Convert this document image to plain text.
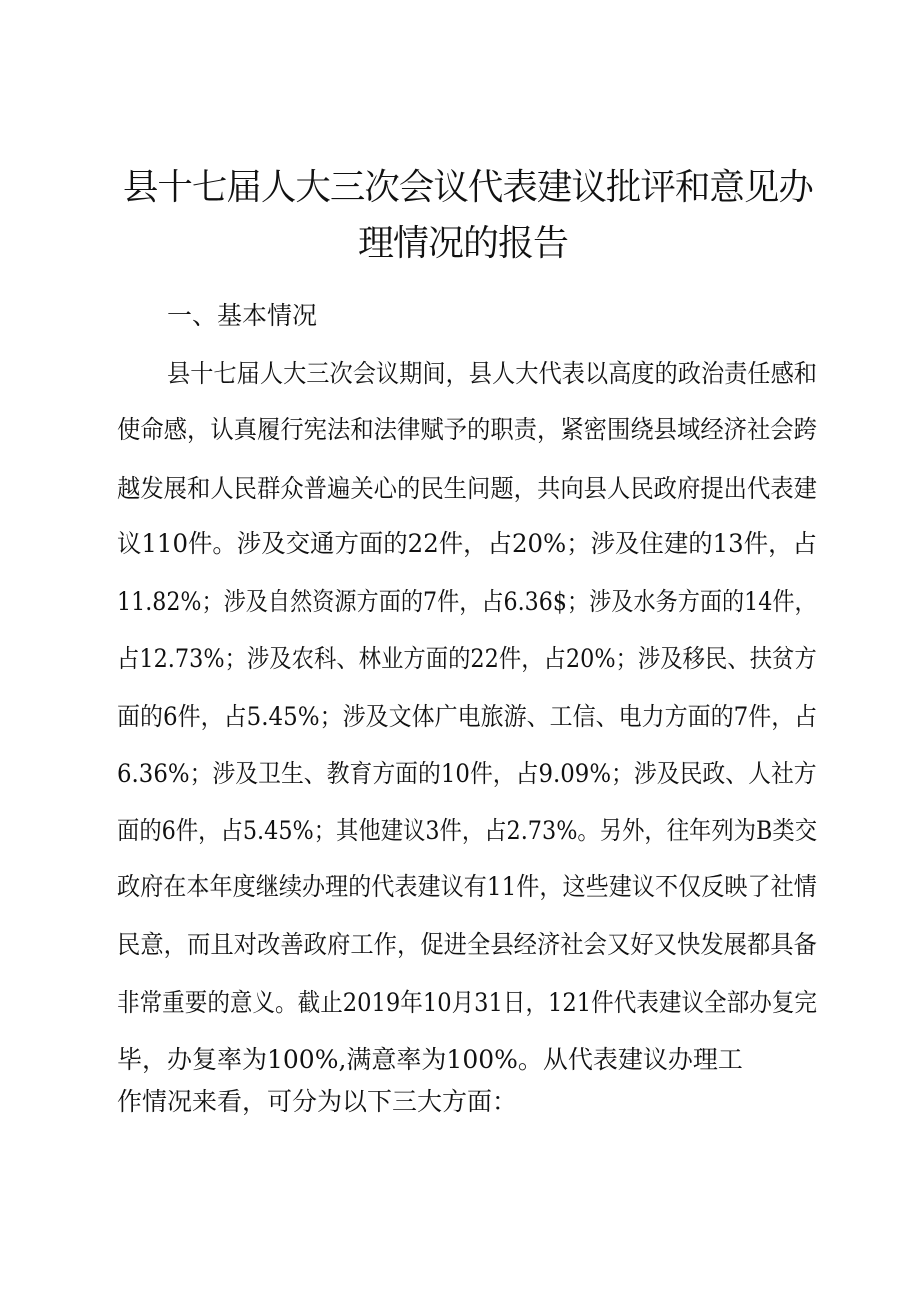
县十七届人大三次会议代表建议批评和意见办
理情况的报告
一、基本情况
县十七届人大三次会议期间，县人大代表以高度的政治责任感和
使命感，认真履行宪法和法律赋予的职责，紧密围绕县域经济社会跨
越发展和人民群众普遍关心的民生问题，共向县人民政府提出代表建
议110件。涉及交通方面的22件，占20%；涉及住建的13件，占
11.82%；涉及自然资源方面的7件，占6.36$；涉及水务方面的14件，
占12.73%；涉及农科、林业方面的22件，占20%；涉及移民、扶贫方
面的6件，占5.45%；涉及文体广电旅游、工信、电力方面的7件，占
6.36%；涉及卫生、教育方面的10件，占9.09%；涉及民政、人社方
面的6件，占5.45%；其他建议3件，占2.73%。另外，往年列为B类交
政府在本年度继续办理的代表建议有11件，这些建议不仅反映了社情
民意，而且对改善政府工作，促进全县经济社会又好又快发展都具备
非常重要的意义。截止2019年10月31日，121件代表建议全部办复完
毕，办复率为100%,满意率为100%。从代表建议办理工
作情况来看，可分为以下三大方面：
